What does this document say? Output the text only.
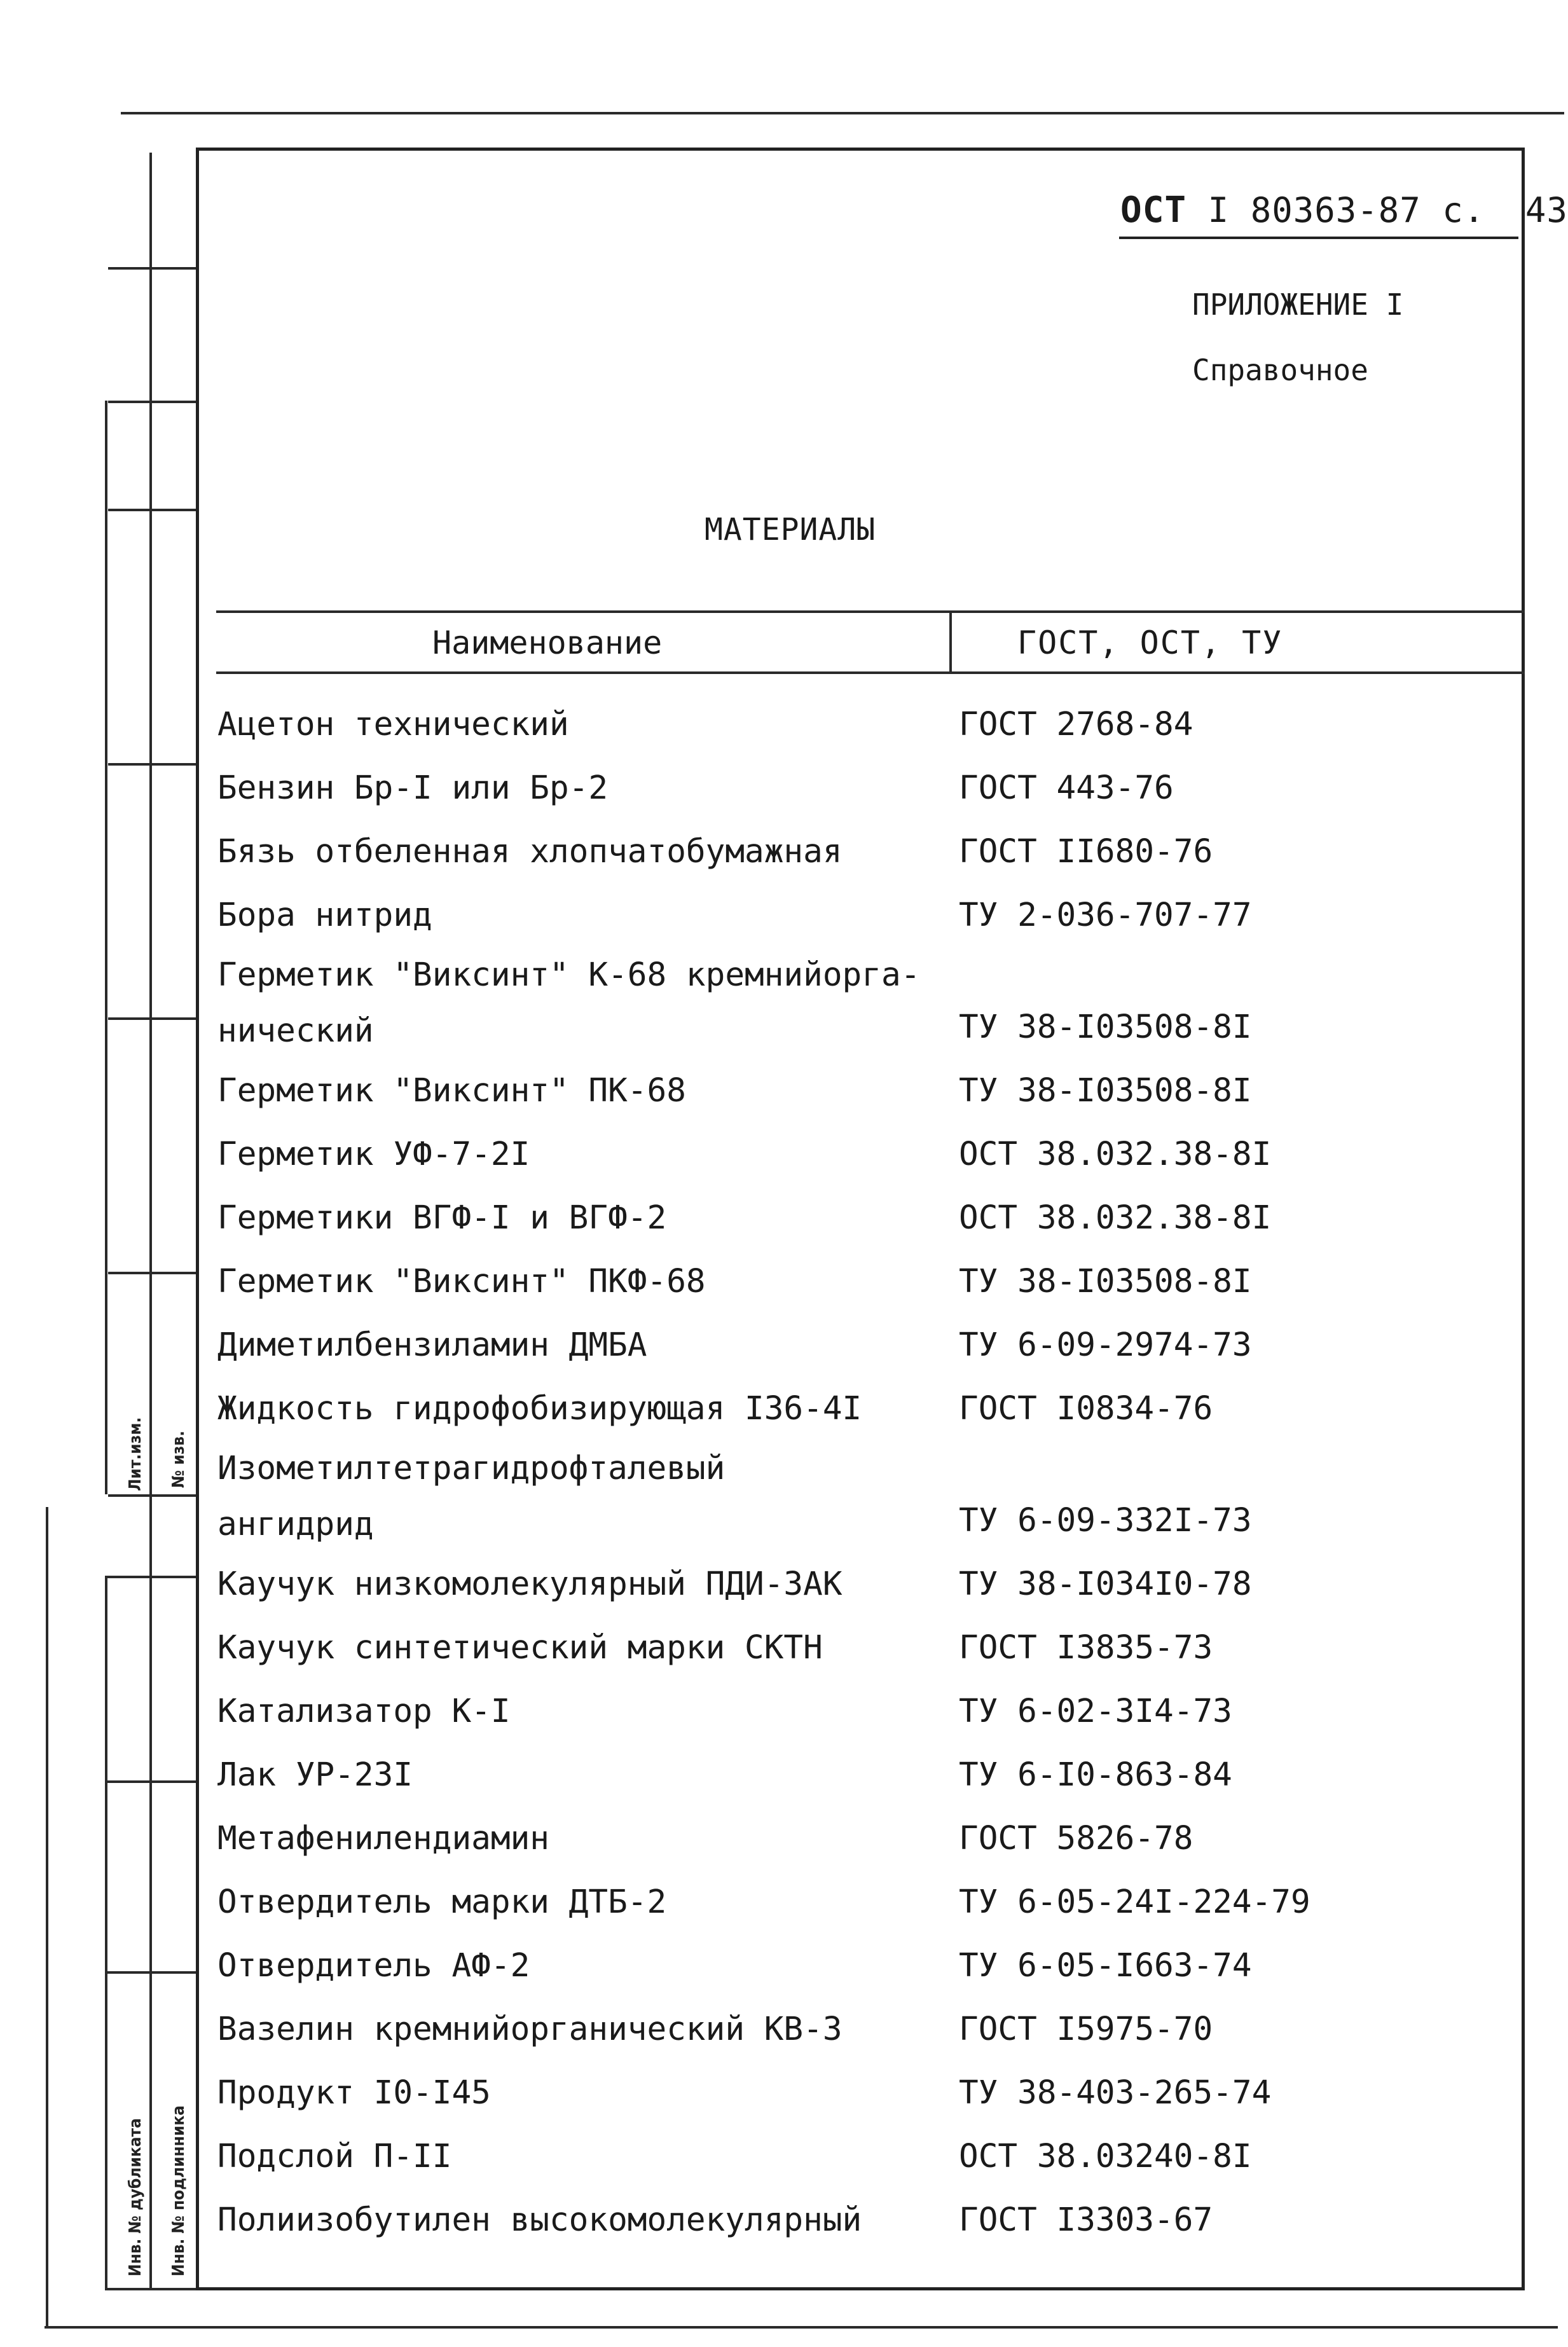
Лит.изм. № изв.
Инв. № дубликата Инв. № подлинника
ОСТ I 80363-87 с. 43
ПРИЛОЖЕНИЕ I
Справочное
МАТЕРИАЛЫ
Наименование	ГОСТ, ОСТ, ТУ
Ацетон технический	ГОСТ 2768-84
Бензин Бр-I или Бр-2	ГОСТ 443-76
Бязь отбеленная хлопчатобумажная	ГОСТ II680-76
Бора нитрид	ТУ 2-036-707-77
Герметик "Виксинт" К-68 кремнийорга-
нический	ТУ 38-I03508-8I
Герметик "Виксинт" ПК-68	ТУ 38-I03508-8I
Герметик УФ-7-2I	ОСТ 38.032.38-8I
Герметики ВГФ-I и ВГФ-2	ОСТ 38.032.38-8I
Герметик "Виксинт" ПКФ-68	ТУ 38-I03508-8I
Диметилбензиламин ДМБА	ТУ 6-09-2974-73
Жидкость гидрофобизирующая I36-4I	ГОСТ I0834-76
Изометилтетрагидрофталевый
ангидрид	ТУ 6-09-332I-73
Каучук низкомолекулярный ПДИ-3АК	ТУ 38-I034I0-78
Каучук синтетический марки СКТН	ГОСТ I3835-73
Катализатор К-I	ТУ 6-02-3I4-73
Лак УР-23I	ТУ 6-I0-863-84
Метафенилендиамин	ГОСТ 5826-78
Отвердитель марки ДТБ-2	ТУ 6-05-24I-224-79
Отвердитель АФ-2	ТУ 6-05-I663-74
Вазелин кремнийорганический КВ-3	ГОСТ I5975-70
Продукт I0-I45	ТУ 38-403-265-74
Подслой П-II	ОСТ 38.03240-8I
Полиизобутилен высокомолекулярный	ГОСТ I3303-67
